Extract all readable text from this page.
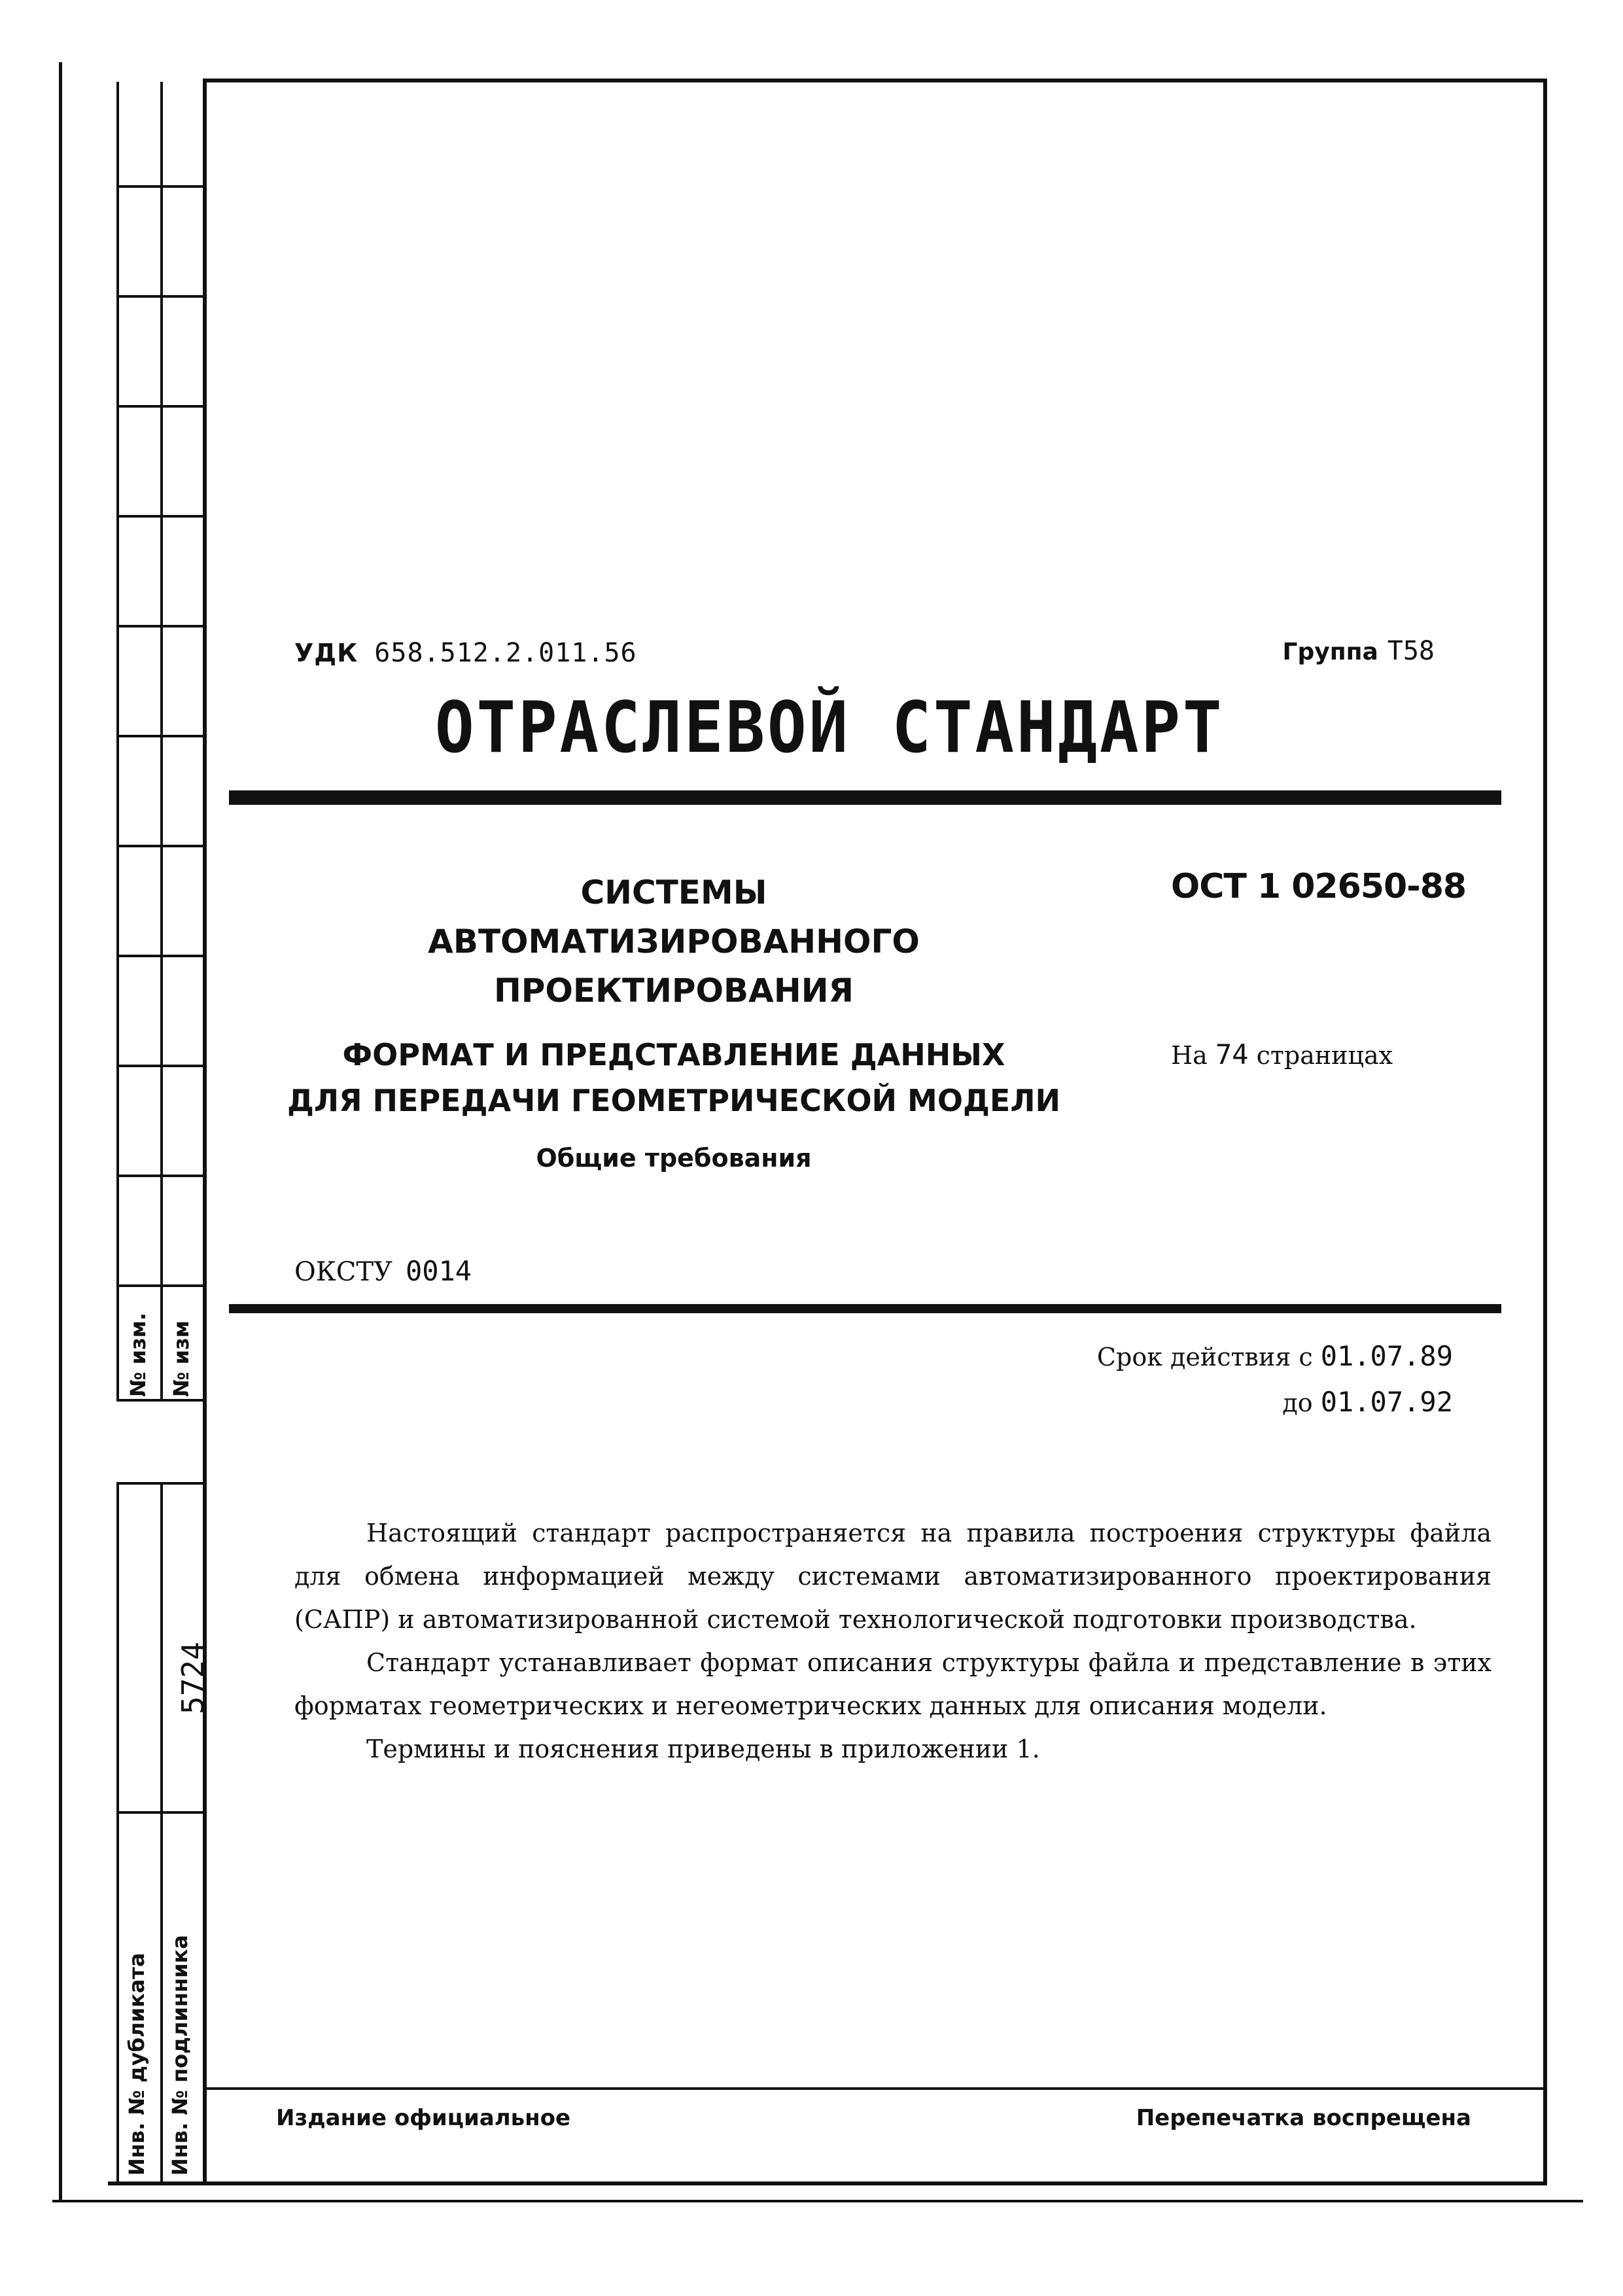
№ изм. № изм
5724
Инв. № дубликата Инв. № подлинника
УДК 658.512.2.011.56	Группа Т58
ОТРАСЛЕВОЙ СТАНДАРТ
СИСТЕМЫ
АВТОМАТИЗИРОВАННОГО
ПРОЕКТИРОВАНИЯ
ФОРМАТ И ПРЕДСТАВЛЕНИЕ ДАННЫХ
ДЛЯ ПЕРЕДАЧИ ГЕОМЕТРИЧЕСКОЙ МОДЕЛИ
Общие требования
ОСТ 1 02650-88
На 74 страницах
ОКСТУ 0014
Срок действия с 01.07.89
до 01.07.92
Настоящий стандарт распространяется на правила построения структуры файла для обмена информацией между системами автоматизированного проектирования (САПР) и автоматизированной системой технологической подготовки производства.
Стандарт устанавливает формат описания структуры файла и представление в этих форматах геометрических и негеометрических данных для описания модели.
Термины и пояснения приведены в приложении 1.
Издание официальное	Перепечатка воспрещена
